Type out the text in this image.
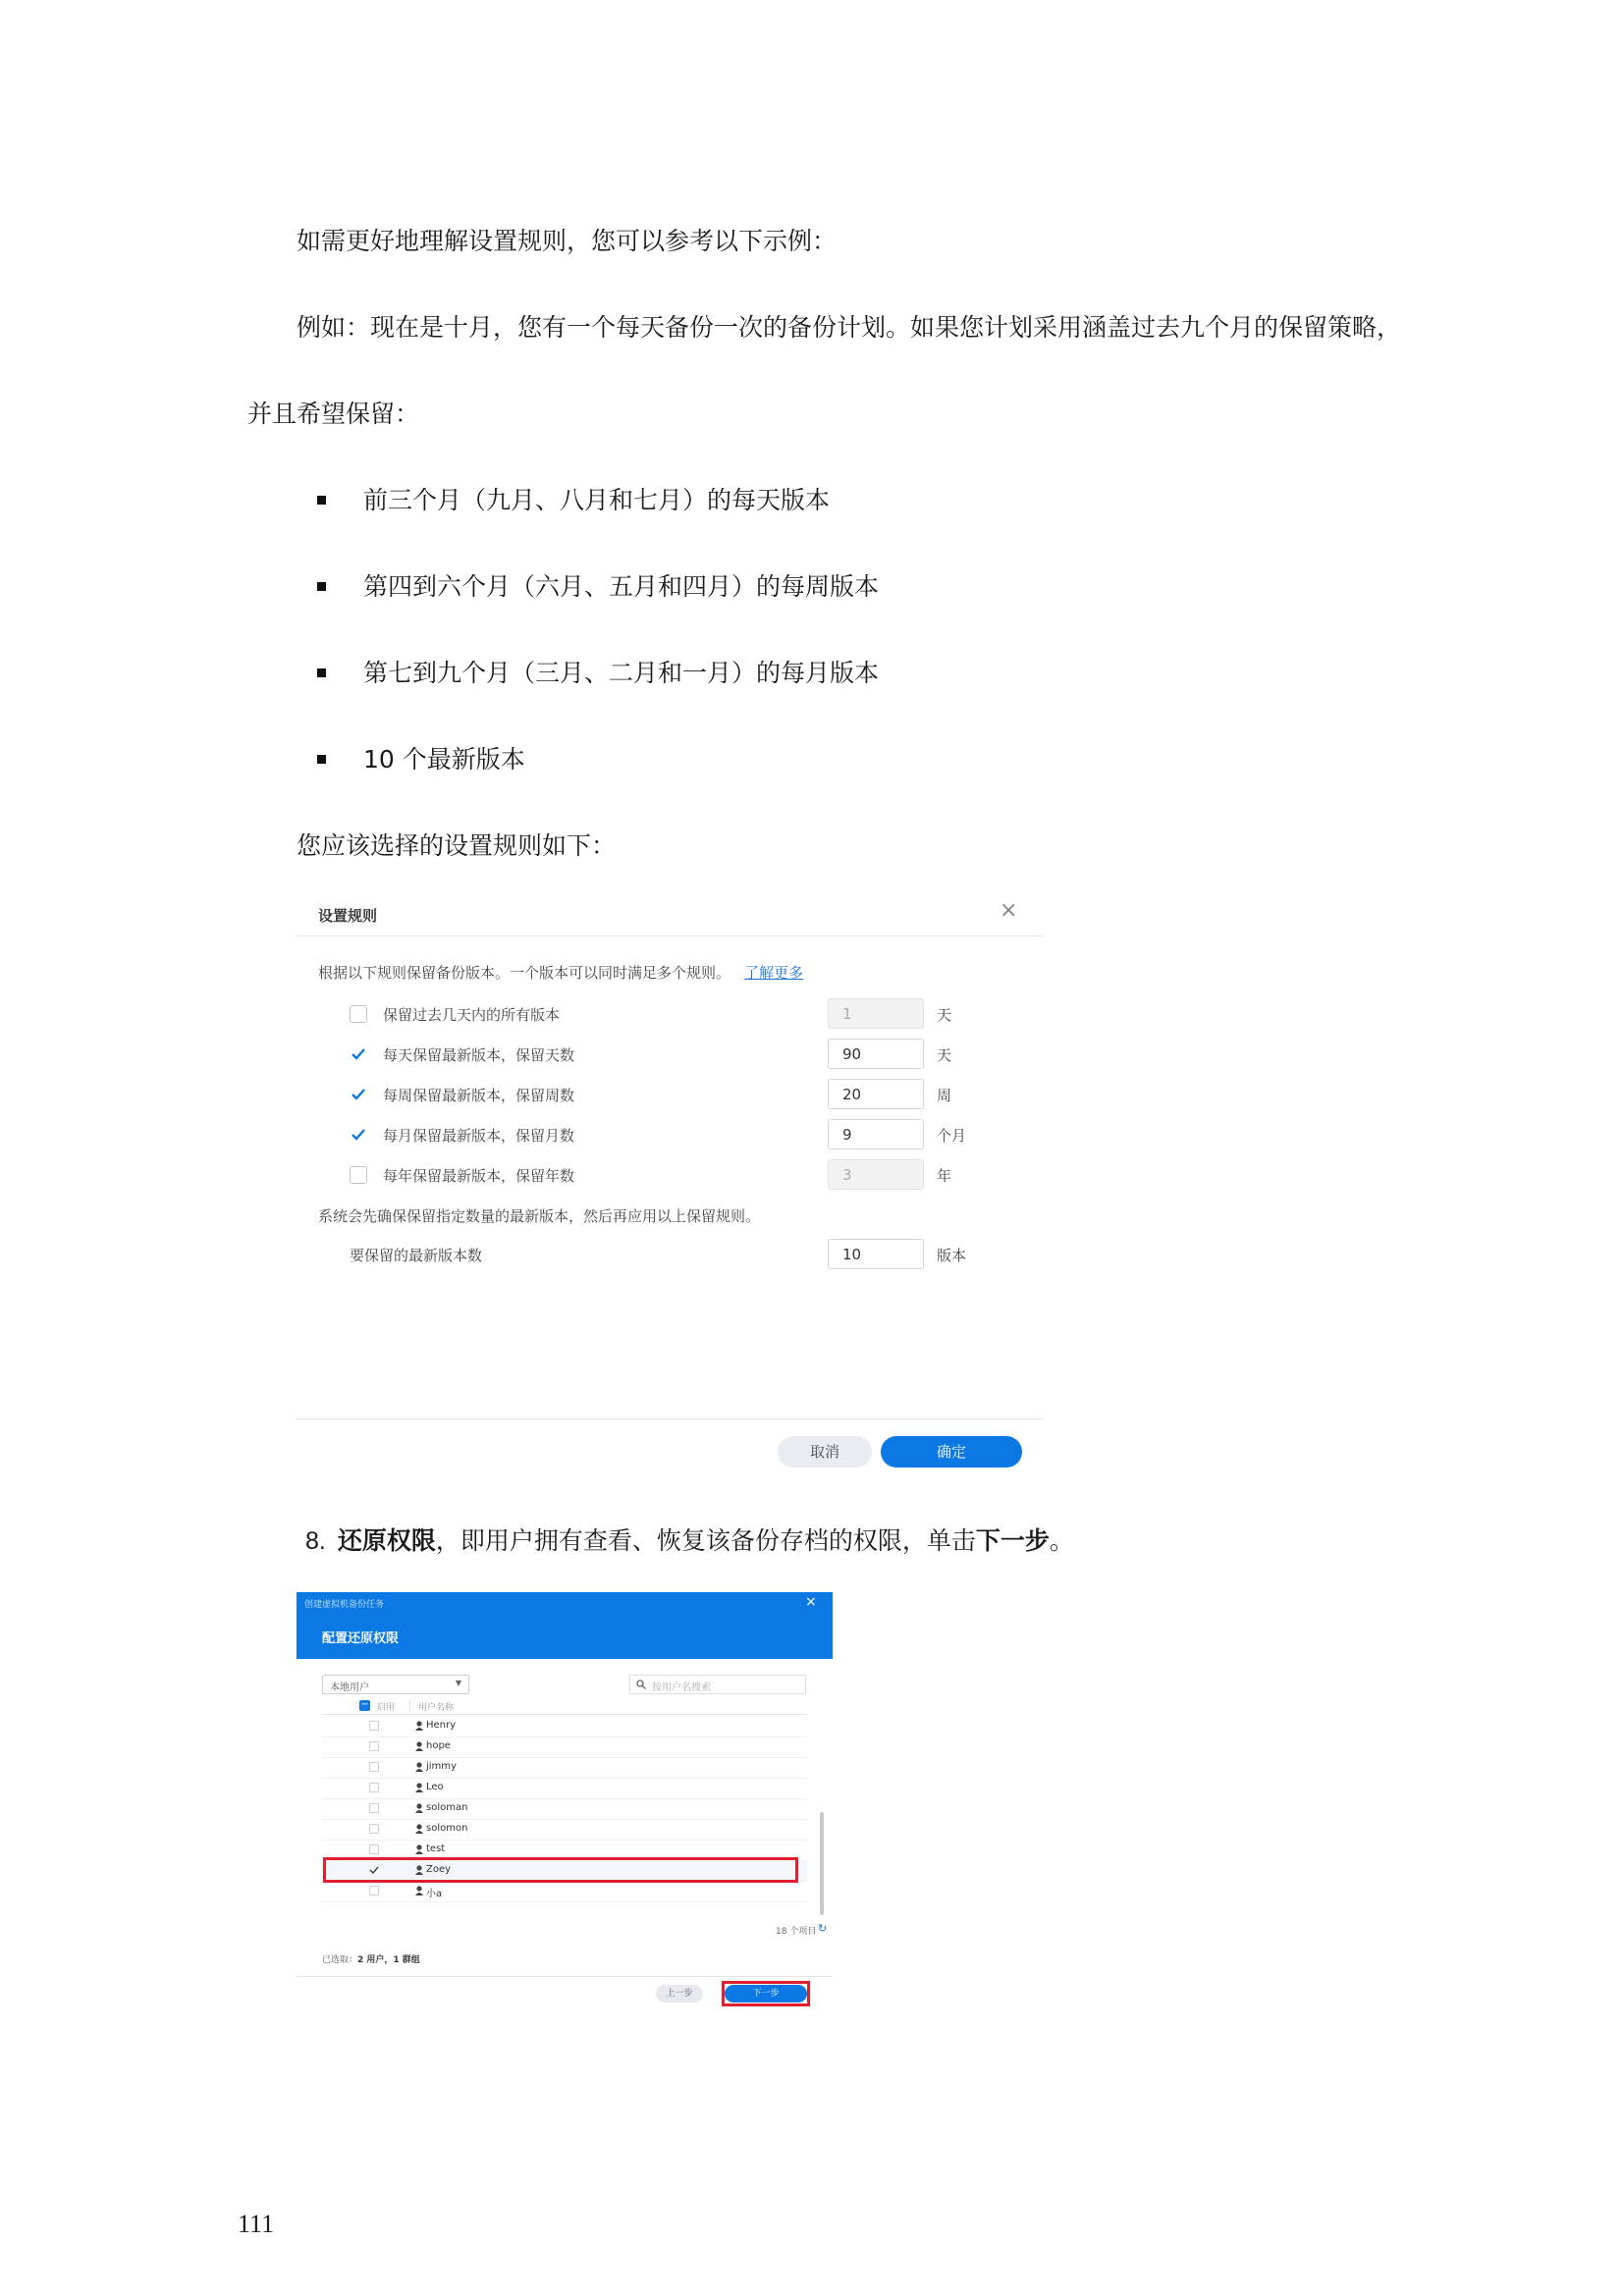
如需更好地理解设置规则，您可以参考以下示例：
例如：现在是十月，您有一个每天备份一次的备份计划。如果您计划采用涵盖过去九个月的保留策略，
并且希望保留：
前三个月（九月、八月和七月）的每天版本
第四到六个月（六月、五月和四月）的每周版本
第七到九个月（三月、二月和一月）的每月版本
10 个最新版本
您应该选择的设置规则如下：
设置规则	×
根据以下规则保留备份版本。一个版本可以同时满足多个规则。 了解更多
保留过去几天内的所有版本	1	天
每天保留最新版本，保留天数	90	天
每周保留最新版本，保留周数	20	周
每月保留最新版本，保留月数	9	个月
每年保留最新版本，保留年数	3	年
系统会先确保保留指定数量的最新版本，然后再应用以上保留规则。
要保留的最新版本数	10	版本
取消	确定
8. 还原权限，即用户拥有查看、恢复该备份存档的权限，单击下一步。
创建虚拟机备份任务	×
配置还原权限
本地用户	▼	按用户名搜索
− 启用	用户名称
Henry
hope
jimmy
Leo
soloman
solomon
test
Zoey
小a
18 个项目 ↻
已选取：2 用户，1 群组
上一步	下一步
111
